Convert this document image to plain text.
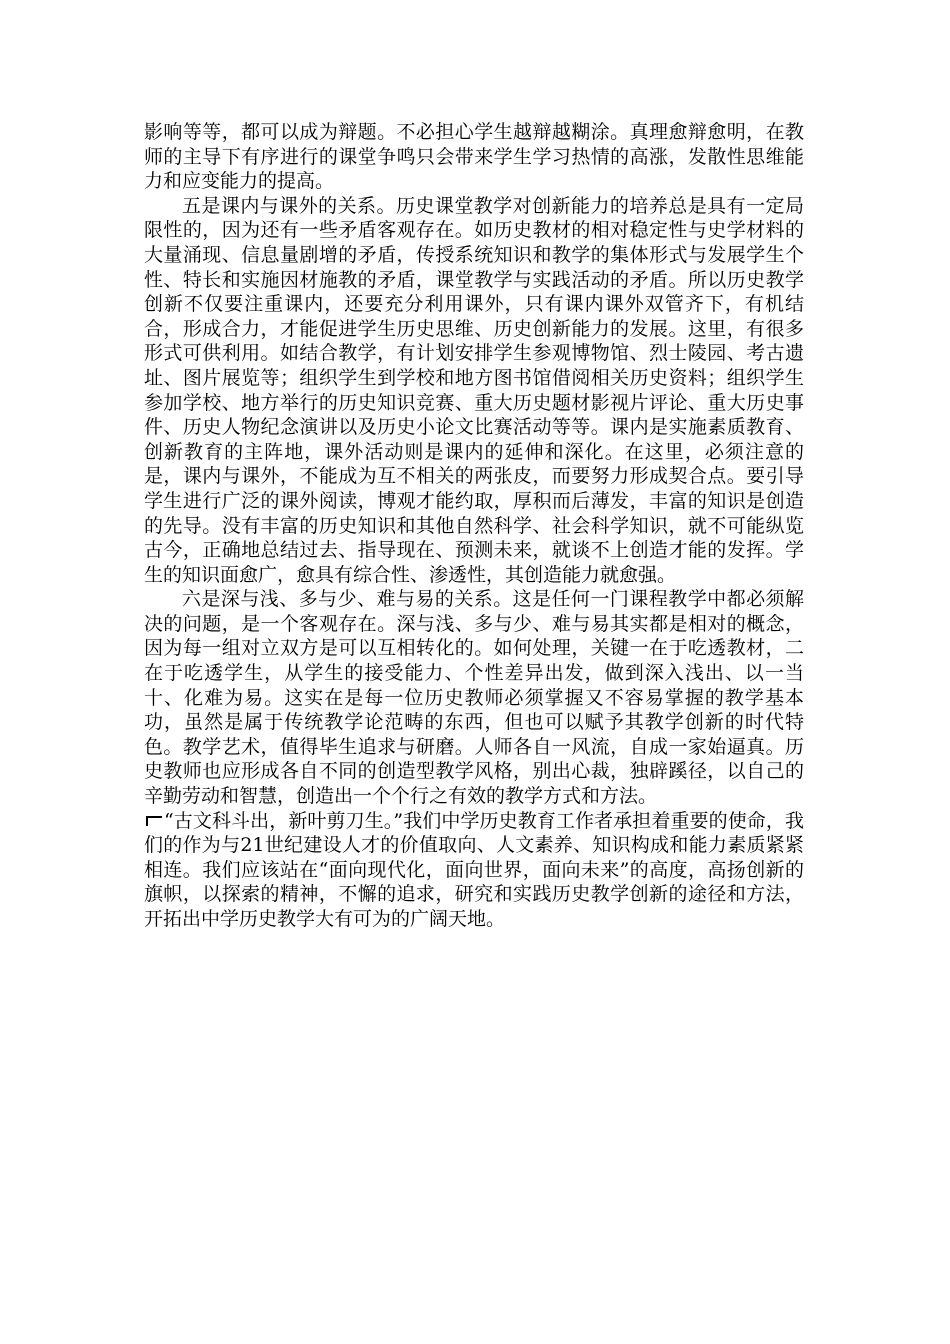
影响等等，都可以成为辩题。不必担心学生越辩越糊涂。真理愈辩愈明，在教师的主导下有序进行的课堂争鸣只会带来学生学习热情的高涨，发散性思维能力和应变能力的提高。

五是课内与课外的关系。历史课堂教学对创新能力的培养总是具有一定局限性的，因为还有一些矛盾客观存在。如历史教材的相对稳定性与史学材料的大量涌现、信息量剧增的矛盾，传授系统知识和教学的集体形式与发展学生个性、特长和实施因材施教的矛盾，课堂教学与实践活动的矛盾。所以历史教学创新不仅要注重课内，还要充分利用课外，只有课内课外双管齐下，有机结合，形成合力，才能促进学生历史思维、历史创新能力的发展。这里，有很多形式可供利用。如结合教学，有计划安排学生参观博物馆、烈士陵园、考古遗址、图片展览等；组织学生到学校和地方图书馆借阅相关历史资料；组织学生参加学校、地方举行的历史知识竞赛、重大历史题材影视片评论、重大历史事件、历史人物纪念演讲以及历史小论文比赛活动等等。课内是实施素质教育、创新教育的主阵地，课外活动则是课内的延伸和深化。在这里，必须注意的是，课内与课外，不能成为互不相关的两张皮，而要努力形成契合点。要引导学生进行广泛的课外阅读，博观才能约取，厚积而后薄发，丰富的知识是创造的先导。没有丰富的历史知识和其他自然科学、社会科学知识，就不可能纵览古今，正确地总结过去、指导现在、预测未来，就谈不上创造才能的发挥。学生的知识面愈广，愈具有综合性、渗透性，其创造能力就愈强。

六是深与浅、多与少、难与易的关系。这是任何一门课程教学中都必须解决的问题，是一个客观存在。深与浅、多与少、难与易其实都是相对的概念，因为每一组对立双方是可以互相转化的。如何处理，关键一在于吃透教材，二在于吃透学生，从学生的接受能力、个性差异出发，做到深入浅出、以一当十、化难为易。这实在是每一位历史教师必须掌握又不容易掌握的教学基本功，虽然是属于传统教学论范畴的东西，但也可以赋予其教学创新的时代特色。教学艺术，值得毕生追求与研磨。人师各自一风流，自成一家始逼真。历史教师也应形成各自不同的创造型教学风格，别出心裁，独辟蹊径，以自己的辛勤劳动和智慧，创造出一个个行之有效的教学方式和方法。

“古文科斗出，新叶剪刀生。”我们中学历史教育工作者承担着重要的使命，我们的作为与21世纪建设人才的价值取向、人文素养、知识构成和能力素质紧紧相连。我们应该站在“面向现代化，面向世界，面向未来”的高度，高扬创新的旗帜，以探索的精神，不懈的追求，研究和实践历史教学创新的途径和方法，开拓出中学历史教学大有可为的广阔天地。
